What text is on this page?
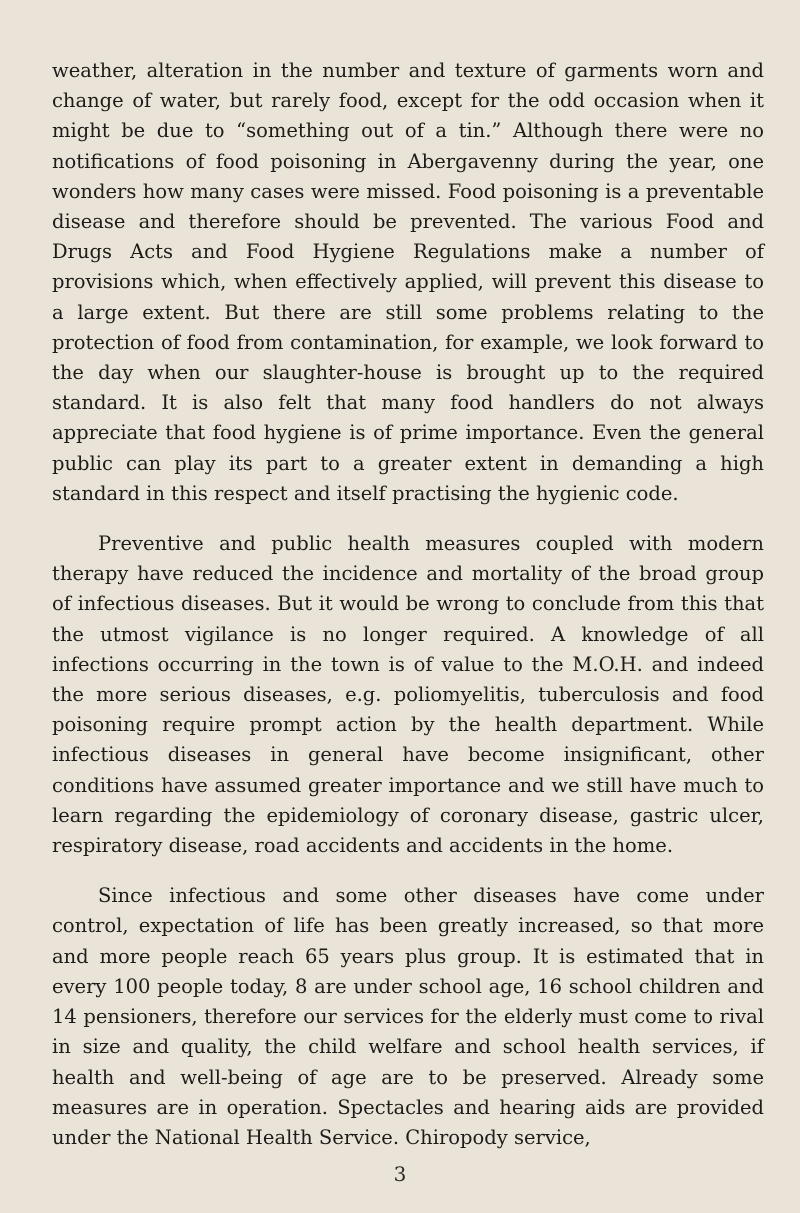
weather, alteration in the number and texture of garments worn and change of water, but rarely food, except for the odd occasion when it might be due to “something out of a tin.” Although there were no notifications of food poisoning in Abergavenny during the year, one wonders how many cases were missed. Food poisoning is a preventable disease and therefore should be prevented. The various Food and Drugs Acts and Food Hygiene Regulations make a number of provisions which, when effectively applied, will prevent this disease to a large extent. But there are still some problems relating to the protection of food from contamination, for example, we look forward to the day when our slaughter-house is brought up to the required standard. It is also felt that many food handlers do not always appreciate that food hygiene is of prime importance. Even the general public can play its part to a greater extent in demanding a high standard in this respect and itself practising the hygienic code.

Preventive and public health measures coupled with modern therapy have reduced the incidence and mortality of the broad group of infectious diseases. But it would be wrong to conclude from this that the utmost vigilance is no longer required. A knowledge of all infections occurring in the town is of value to the M.O.H. and indeed the more serious diseases, e.g. poliomyelitis, tuberculosis and food poisoning require prompt action by the health department. While infectious diseases in general have become insignificant, other conditions have assumed greater importance and we still have much to learn regarding the epidemiology of coronary disease, gastric ulcer, respiratory disease, road accidents and accidents in the home.

Since infectious and some other diseases have come under control, expectation of life has been greatly increased, so that more and more people reach 65 years plus group. It is estimated that in every 100 people today, 8 are under school age, 16 school children and 14 pensioners, therefore our services for the elderly must come to rival in size and quality, the child welfare and school health services, if health and well-being of age are to be preserved. Already some measures are in operation. Spectacles and hearing aids are provided under the National Health Service. Chiropody service,

3
